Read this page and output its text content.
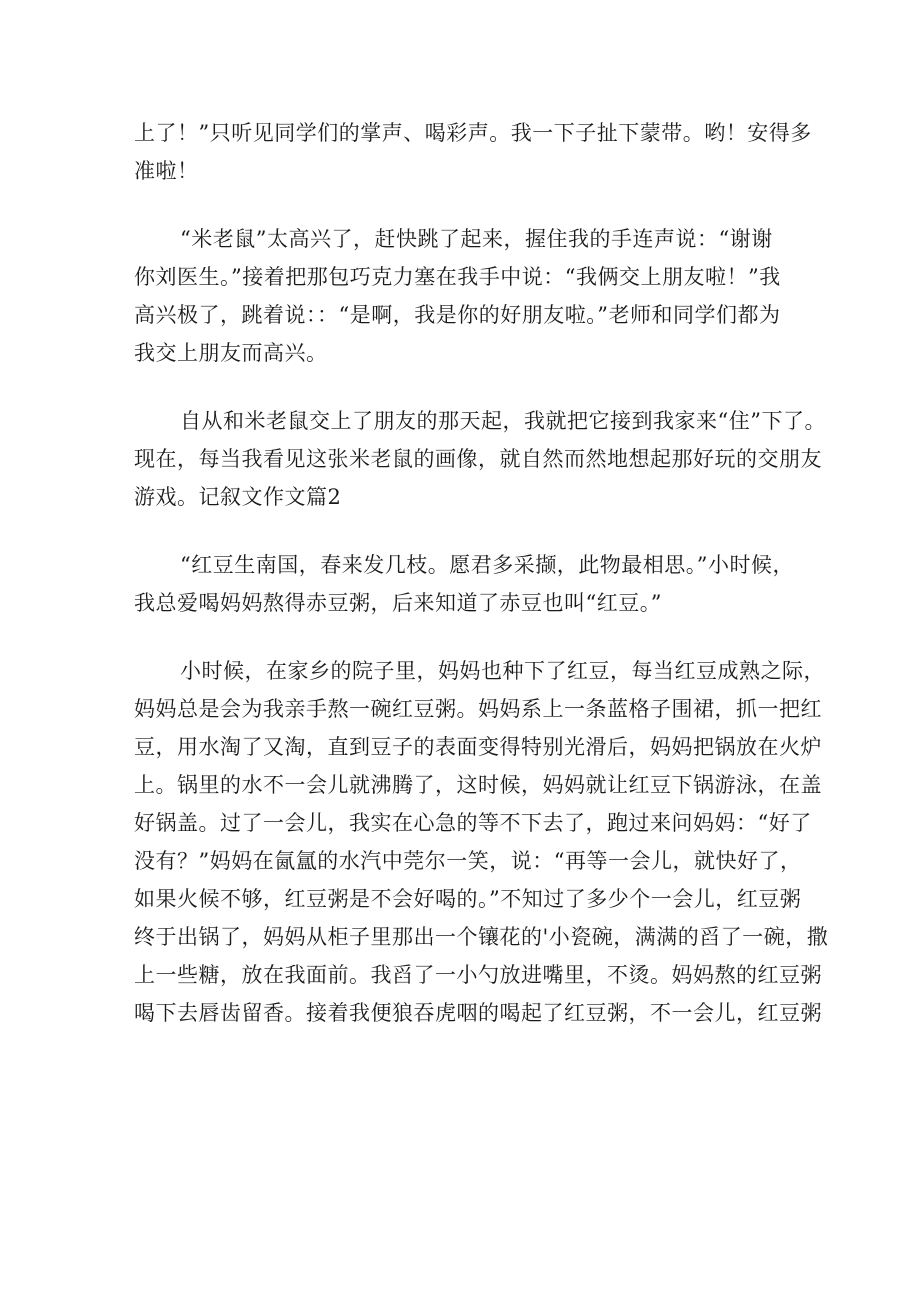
上了！”只听见同学们的掌声、喝彩声。我一下子扯下蒙带。哟！安得多
准啦！
“米老鼠”太高兴了，赶快跳了起来，握住我的手连声说：“谢谢
你刘医生。”接着把那包巧克力塞在我手中说：“我俩交上朋友啦！”我
高兴极了，跳着说：：“是啊，我是你的好朋友啦。”老师和同学们都为
我交上朋友而高兴。
自从和米老鼠交上了朋友的那天起，我就把它接到我家来“住”下了。
现在，每当我看见这张米老鼠的画像，就自然而然地想起那好玩的交朋友
游戏。记叙文作文篇2
“红豆生南国，春来发几枝。愿君多采撷，此物最相思。”小时候，
我总爱喝妈妈熬得赤豆粥，后来知道了赤豆也叫“红豆。”
小时候，在家乡的院子里，妈妈也种下了红豆，每当红豆成熟之际，
妈妈总是会为我亲手熬一碗红豆粥。妈妈系上一条蓝格子围裙，抓一把红
豆，用水淘了又淘，直到豆子的表面变得特别光滑后，妈妈把锅放在火炉
上。锅里的水不一会儿就沸腾了，这时候，妈妈就让红豆下锅游泳，在盖
好锅盖。过了一会儿，我实在心急的等不下去了，跑过来问妈妈：“好了
没有？”妈妈在氤氲的水汽中莞尔一笑，说：“再等一会儿，就快好了，
如果火候不够，红豆粥是不会好喝的。”不知过了多少个一会儿，红豆粥
终于出锅了，妈妈从柜子里那出一个镶花的'小瓷碗，满满的舀了一碗，撒
上一些糖，放在我面前。我舀了一小勺放进嘴里，不烫。妈妈熬的红豆粥
喝下去唇齿留香。接着我便狼吞虎咽的喝起了红豆粥，不一会儿，红豆粥
